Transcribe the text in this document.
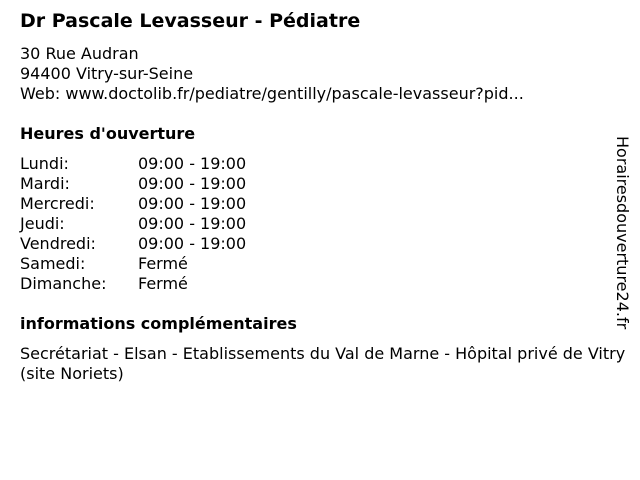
Dr Pascale Levasseur - Pédiatre
30 Rue Audran
94400 Vitry-sur-Seine
Web: www.doctolib.fr/pediatre/gentilly/pascale-levasseur?pid...
Heures d'ouverture
Lundi:	09:00 - 19:00
Mardi:	09:00 - 19:00
Mercredi:	09:00 - 19:00
Jeudi:	09:00 - 19:00
Vendredi:	09:00 - 19:00
Samedi:	Fermé
Dimanche: Fermé
informations complémentaires
Secrétariat - Elsan - Etablissements du Val de Marne - Hôpital privé de Vitry (site Noriets)
Horairesdouverture24.fr
